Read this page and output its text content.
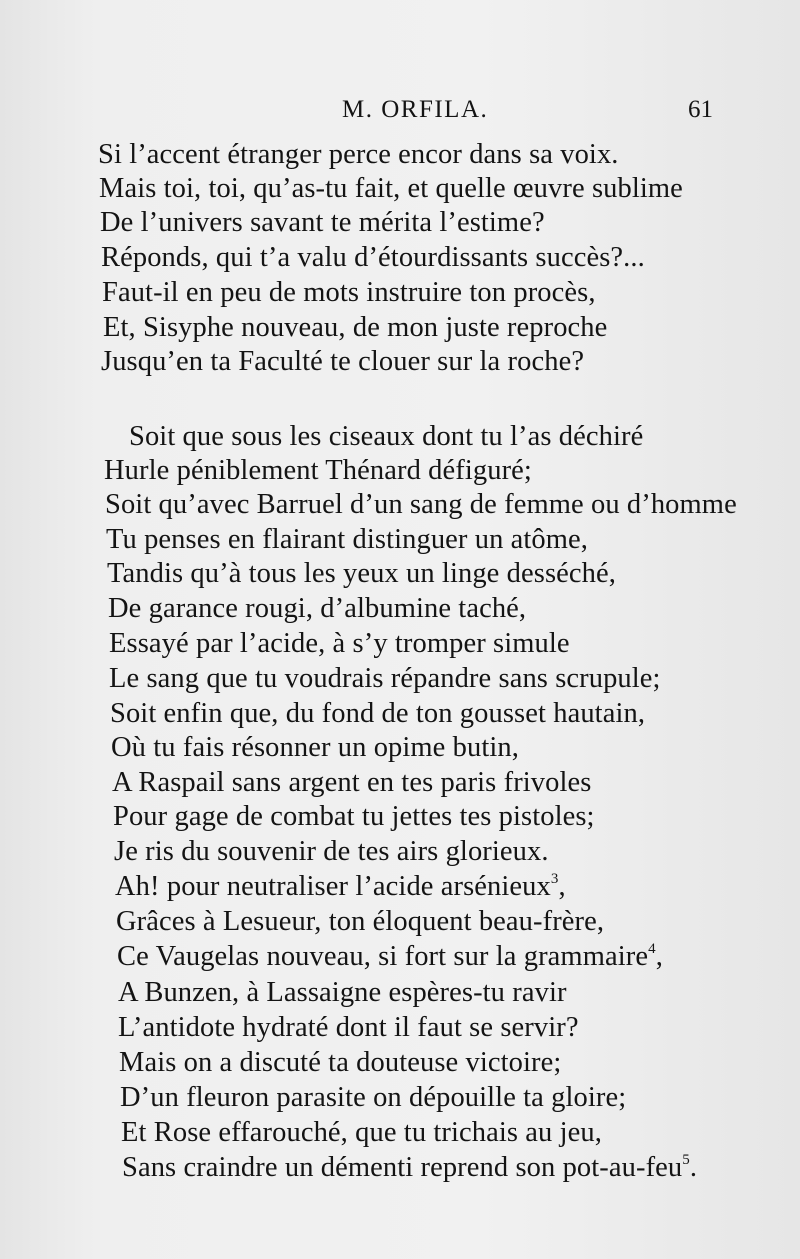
M. ORFILA.	61
Si l’accent étranger perce encor dans sa voix.
Mais toi, toi, qu’as-tu fait, et quelle œuvre sublime
De l’univers savant te mérita l’estime?
Réponds, qui t’a valu d’étourdissants succès?...
Faut-il en peu de mots instruire ton procès,
Et, Sisyphe nouveau, de mon juste reproche
Jusqu’en ta Faculté te clouer sur la roche?
Soit que sous les ciseaux dont tu l’as déchiré
Hurle péniblement Thénard défiguré;
Soit qu’avec Barruel d’un sang de femme ou d’homme
Tu penses en flairant distinguer un atôme,
Tandis qu’à tous les yeux un linge desséché,
De garance rougi, d’albumine taché,
Essayé par l’acide, à s’y tromper simule
Le sang que tu voudrais répandre sans scrupule;
Soit enfin que, du fond de ton gousset hautain,
Où tu fais résonner un opime butin,
A Raspail sans argent en tes paris frivoles
Pour gage de combat tu jettes tes pistoles;
Je ris du souvenir de tes airs glorieux.
Ah! pour neutraliser l’acide arsénieux$^3$,
Grâces à Lesueur, ton éloquent beau-frère,
Ce Vaugelas nouveau, si fort sur la grammaire$^4$,
A Bunzen, à Lassaigne espères-tu ravir
L’antidote hydraté dont il faut se servir?
Mais on a discuté ta douteuse victoire;
D’un fleuron parasite on dépouille ta gloire;
Et Rose effarouché, que tu trichais au jeu,
Sans craindre un démenti reprend son pot-au-feu$^5$.
